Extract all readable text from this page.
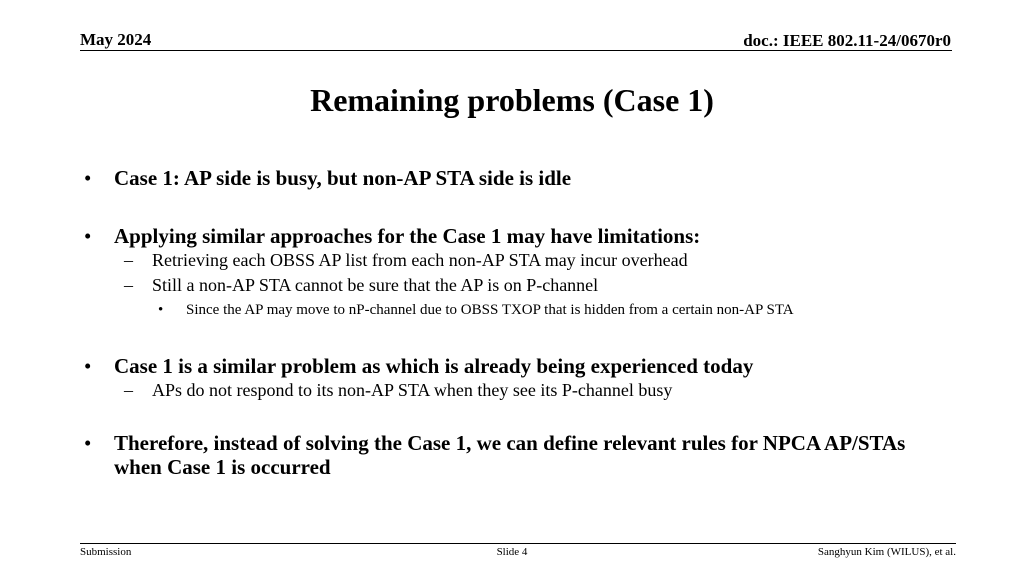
May 2024	doc.: IEEE 802.11-24/0670r0
Remaining problems (Case 1)
• Case 1: AP side is busy, but non-AP STA side is idle
• Applying similar approaches for the Case 1 may have limitations:
– Retrieving each OBSS AP list from each non-AP STA may incur overhead
– Still a non-AP STA cannot be sure that the AP is on P-channel
• Since the AP may move to nP-channel due to OBSS TXOP that is hidden from a certain non-AP STA
• Case 1 is a similar problem as which is already being experienced today
– APs do not respond to its non-AP STA when they see its P-channel busy
• Therefore, instead of solving the Case 1, we can define relevant rules for NPCA AP/STAs when Case 1 is occurred
Submission	Slide 4	Sanghyun Kim (WILUS), et al.
